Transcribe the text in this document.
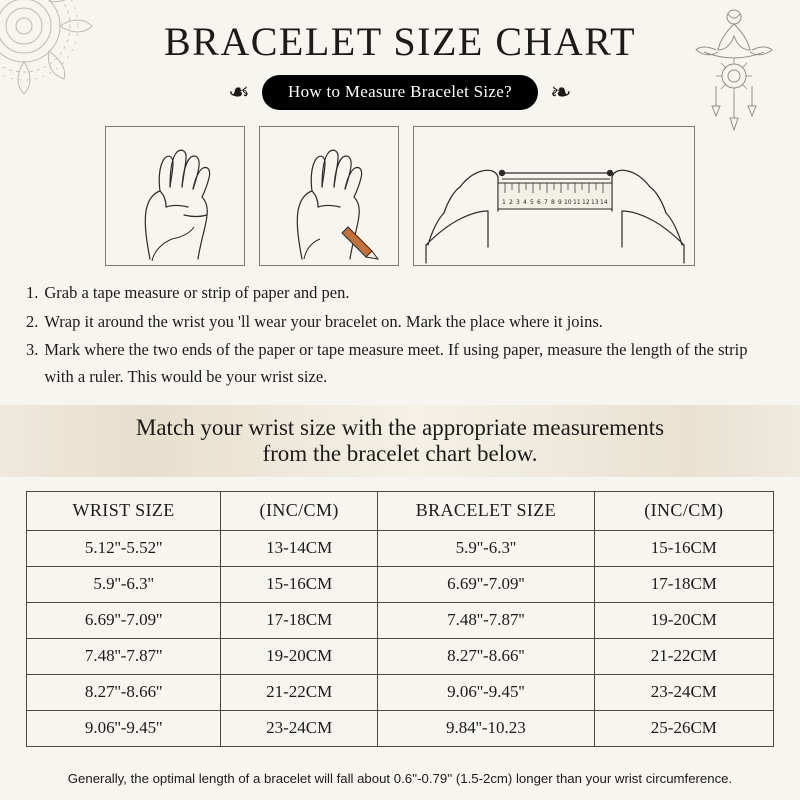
BRACELET SIZE CHART
❧	How to Measure Bracelet Size?	❧
1 2 3 4 5 6 7 8 9 10 11 12 13 14
1. Grab a tape measure or strip of paper and pen.
2. Wrap it around the wrist you 'll wear your bracelet on. Mark the place where it joins.
3. Mark where the two ends of the paper or tape measure meet. If using paper, measure the length of the strip with a ruler. This would be your wrist size.
Match your wrist size with the appropriate measurements
from the bracelet chart below.
WRIST SIZE	(INC/CM)	BRACELET SIZE	(INC/CM)
5.12''-5.52''	13-14CM	5.9''-6.3''	15-16CM
5.9''-6.3''	15-16CM	6.69''-7.09''	17-18CM
6.69''-7.09''	17-18CM	7.48''-7.87''	19-20CM
7.48''-7.87''	19-20CM	8.27''-8.66''	21-22CM
8.27''-8.66''	21-22CM	9.06''-9.45''	23-24CM
9.06''-9.45''	23-24CM	9.84''-10.23	25-26CM
Generally, the optimal length of a bracelet will fall about 0.6''-0.79'' (1.5-2cm) longer than your wrist circumference.
